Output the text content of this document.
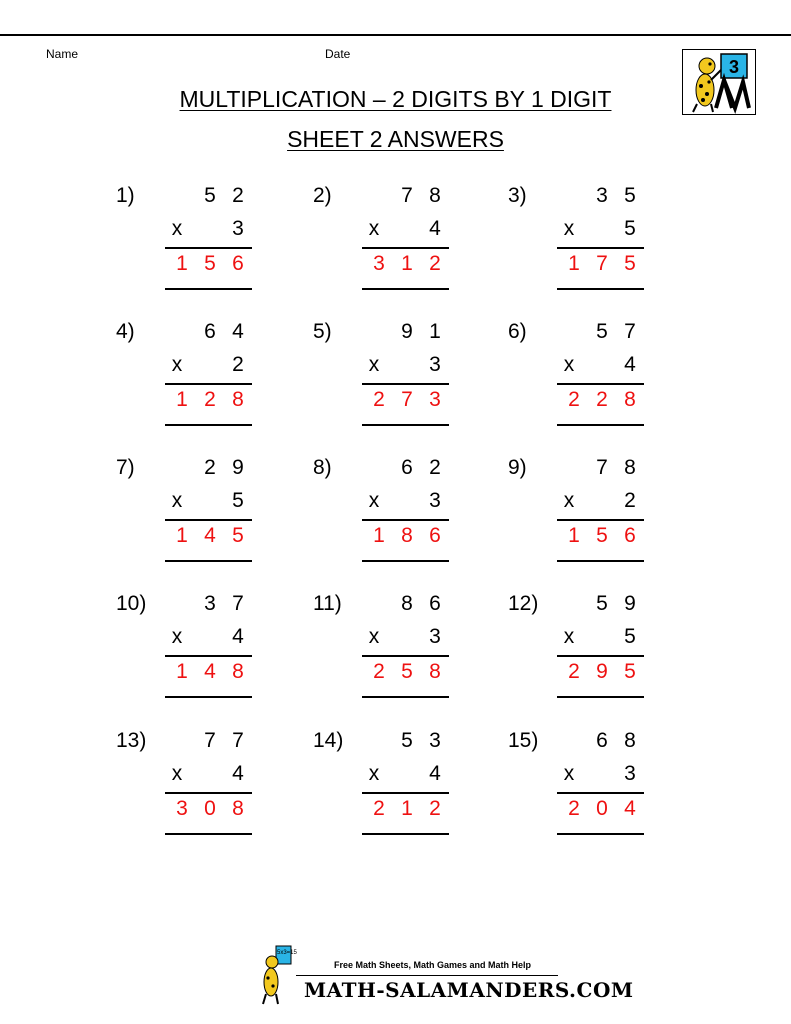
Name	Date
3
MULTIPLICATION – 2 DIGITS BY 1 DIGIT
SHEET 2 ANSWERS
1)	5 2
x 3
1 5 6
2)	7 8
x 4
3 1 2
3)	3 5
x 5
1 7 5
4)	6 4
x 2
1 2 8
5)	9 1
x 3
2 7 3
6)	5 7
x 4
2 2 8
7)	2 9
x 5
1 4 5
8)	6 2
x 3
1 8 6
9)	7 8
x 2
1 5 6
10)	3 7
x 4
1 4 8
11)	8 6
x 3
2 5 8
12)	5 9
x 5
2 9 5
13)	7 7
x 4
3 0 8
14)	5 3
x 4
2 1 2
15)	6 8
x 3
2 0 4
5x3=15
Free Math Sheets, Math Games and Math Help
MATH-SALAMANDERS.COM
